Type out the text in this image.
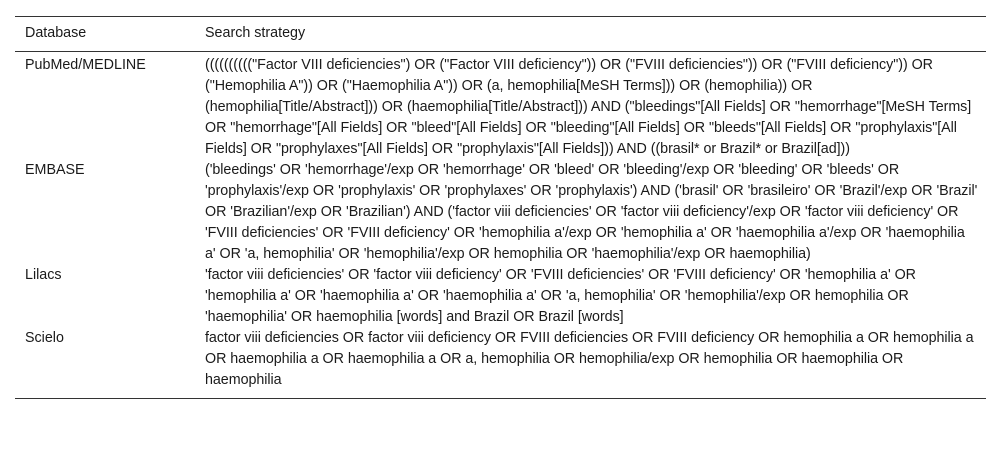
Database	Search strategy
PubMed/MEDLINE	(((((((((("Factor VIII deficiencies") OR ("Factor VIII deficiency")) OR ("FVIII deficiencies")) OR ("FVIII deficiency")) OR ("Hemophilia A")) OR ("Haemophilia A")) OR (a, hemophilia[MeSH Terms])) OR (hemophilia)) OR (hemophilia[Title/Abstract])) OR (haemophilia[Title/Abstract])) AND ("bleedings"[All Fields] OR "hemorrhage"[MeSH Terms] OR "hemorrhage"[All Fields] OR "bleed"[All Fields] OR "bleeding"[All Fields] OR "bleeds"[All Fields] OR "prophylaxis"[All Fields] OR "prophylaxes"[All Fields] OR "prophylaxis"[All Fields])) AND ((brasil* or Brazil* or Brazil[ad]))
EMBASE	('bleedings' OR 'hemorrhage'/exp OR 'hemorrhage' OR 'bleed' OR 'bleeding'/exp OR 'bleeding' OR 'bleeds' OR 'prophylaxis'/exp OR 'prophylaxis' OR 'prophylaxes' OR 'prophylaxis') AND ('brasil' OR 'brasileiro' OR 'Brazil'/exp OR 'Brazil' OR 'Brazilian'/exp OR 'Brazilian') AND ('factor viii deficiencies' OR 'factor viii deficiency'/exp OR 'factor viii deficiency' OR 'FVIII deficiencies' OR 'FVIII deficiency' OR 'hemophilia a'/exp OR 'hemophilia a' OR 'haemophilia a'/exp OR 'haemophilia a' OR 'a, hemophilia' OR 'hemophilia'/exp OR hemophilia OR 'haemophilia'/exp OR haemophilia)
Lilacs	'factor viii deficiencies' OR 'factor viii deficiency' OR 'FVIII deficiencies' OR 'FVIII deficiency' OR 'hemophilia a' OR 'hemophilia a' OR 'haemophilia a' OR 'haemophilia a' OR 'a, hemophilia' OR 'hemophilia'/exp OR hemophilia OR 'haemophilia' OR haemophilia [words] and Brazil OR Brazil [words]
Scielo	factor viii deficiencies OR factor viii deficiency OR FVIII deficiencies OR FVIII deficiency OR hemophilia a OR hemophilia a OR haemophilia a OR haemophilia a OR a, hemophilia OR hemophilia/exp OR hemophilia OR haemophilia OR haemophilia
